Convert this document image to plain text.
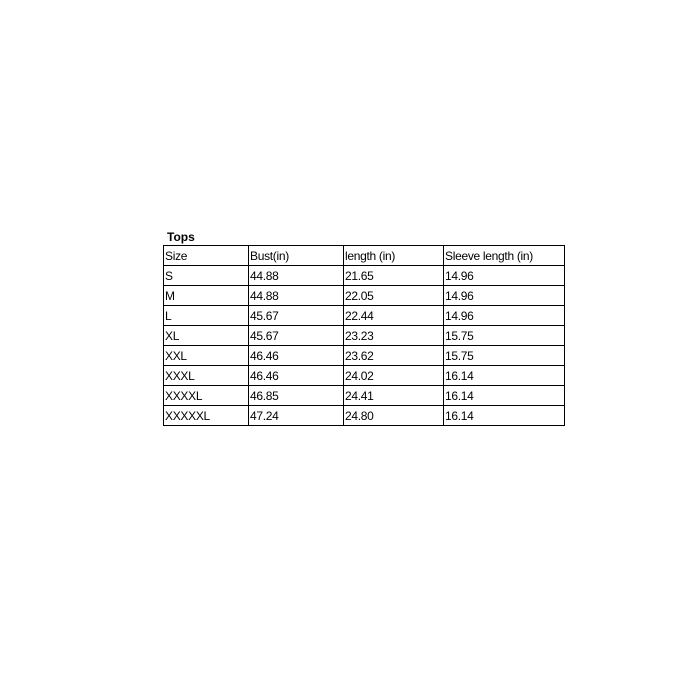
Tops
Size	Bust(in)	length (in)	Sleeve length (in)
S	44.88	21.65	14.96
M	44.88	22.05	14.96
L	45.67	22.44	14.96
XL	45.67	23.23	15.75
XXL	46.46	23.62	15.75
XXXL	46.46	24.02	16.14
XXXXL	46.85	24.41	16.14
XXXXXL	47.24	24.80	16.14
